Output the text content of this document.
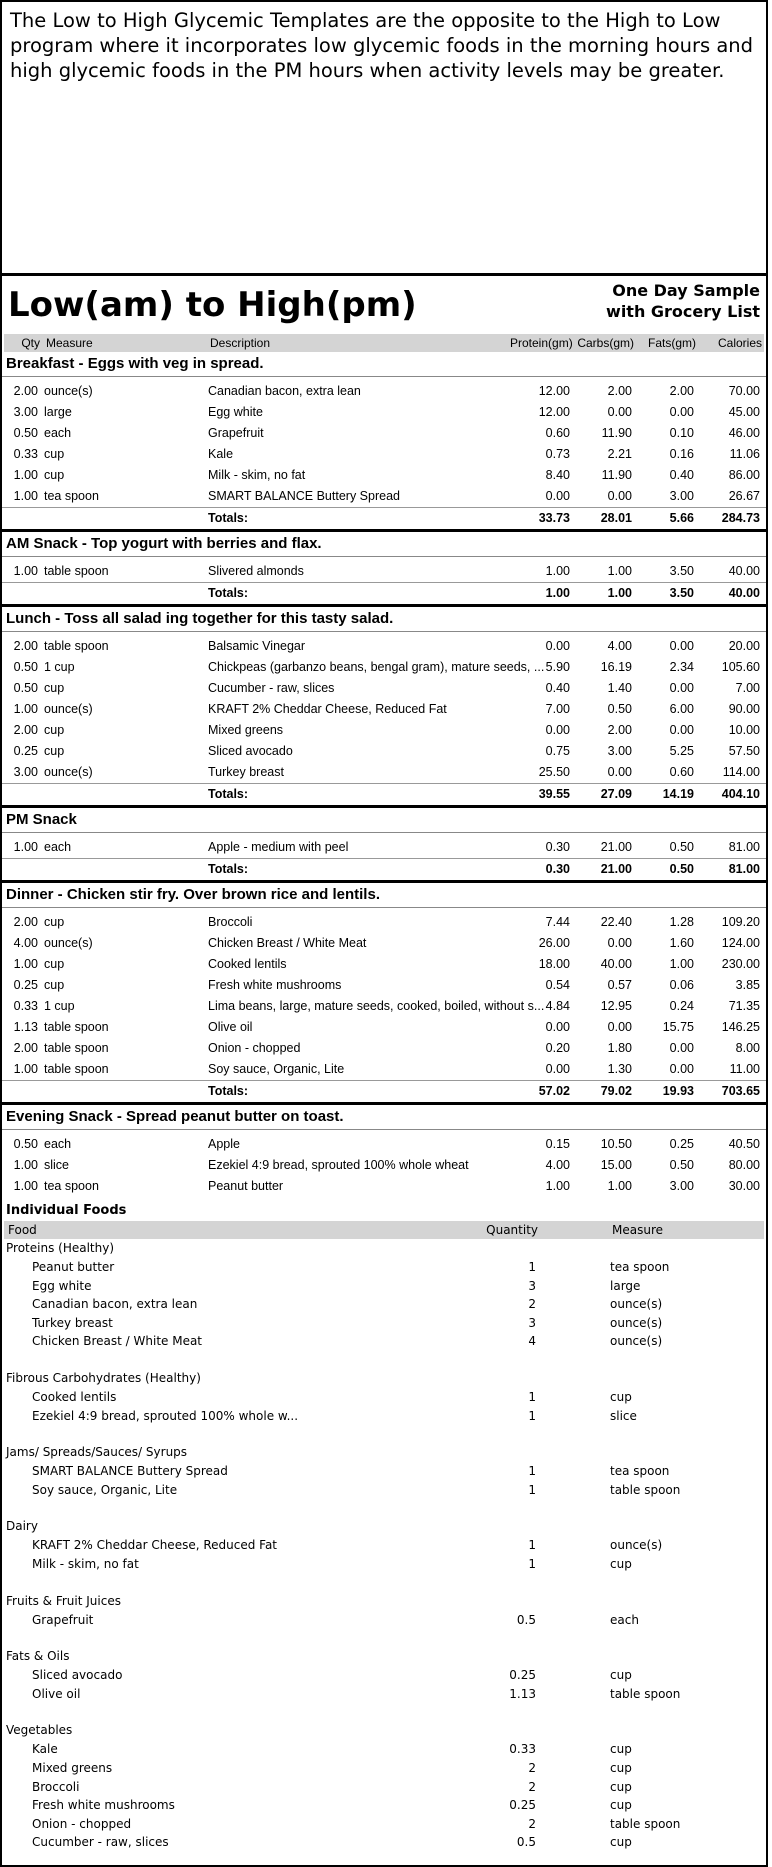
The Low to High Glycemic Templates are the opposite to the High to Low program where it incorporates low glycemic foods in the morning hours and high glycemic foods in the PM hours when activity levels may be greater.
Low(am) to High(pm)	One Day Sample
with Grocery List
Qty Measure	Description	Protein(gm) Carbs(gm)	Fats(gm)	Calories
Breakfast - Eggs with veg in spread.
2.00 ounce(s)	Canadian bacon, extra lean	12.00	2.00	2.00	70.00
3.00 large	Egg white	12.00	0.00	0.00	45.00
0.50 each	Grapefruit	0.60	11.90	0.10	46.00
0.33 cup	Kale	0.73	2.21	0.16	11.06
1.00 cup	Milk - skim, no fat	8.40	11.90	0.40	86.00
1.00 tea spoon	SMART BALANCE Buttery Spread	0.00	0.00	3.00	26.67
Totals:	33.73	28.01	5.66	284.73
AM Snack - Top yogurt with berries and flax.
1.00 table spoon	Slivered almonds	1.00	1.00	3.50	40.00
Totals:	1.00	1.00	3.50	40.00
Lunch - Toss all salad ing together for this tasty salad.
2.00 table spoon	Balsamic Vinegar	0.00	4.00	0.00	20.00
0.50 1 cup	Chickpeas (garbanzo beans, bengal gram), mature seeds, ... 5.90	16.19	2.34	105.60
0.50 cup	Cucumber - raw, slices	0.40	1.40	0.00	7.00
1.00 ounce(s)	KRAFT 2% Cheddar Cheese, Reduced Fat	7.00	0.50	6.00	90.00
2.00 cup	Mixed greens	0.00	2.00	0.00	10.00
0.25 cup	Sliced avocado	0.75	3.00	5.25	57.50
3.00 ounce(s)	Turkey breast	25.50	0.00	0.60	114.00
Totals:	39.55	27.09	14.19	404.10
PM Snack
1.00 each	Apple - medium with peel	0.30	21.00	0.50	81.00
Totals:	0.30	21.00	0.50	81.00
Dinner - Chicken stir fry. Over brown rice and lentils.
2.00 cup	Broccoli	7.44	22.40	1.28	109.20
4.00 ounce(s)	Chicken Breast / White Meat	26.00	0.00	1.60	124.00
1.00 cup	Cooked lentils	18.00	40.00	1.00	230.00
0.25 cup	Fresh white mushrooms	0.54	0.57	0.06	3.85
0.33 1 cup	Lima beans, large, mature seeds, cooked, boiled, without s... 4.84	12.95	0.24	71.35
1.13 table spoon	Olive oil	0.00	0.00	15.75	146.25
2.00 table spoon	Onion - chopped	0.20	1.80	0.00	8.00
1.00 table spoon	Soy sauce, Organic, Lite	0.00	1.30	0.00	11.00
Totals:	57.02	79.02	19.93	703.65
Evening Snack - Spread peanut butter on toast.
0.50 each	Apple	0.15	10.50	0.25	40.50
1.00 slice	Ezekiel 4:9 bread, sprouted 100% whole wheat	4.00	15.00	0.50	80.00
1.00 tea spoon	Peanut butter	1.00	1.00	3.00	30.00
Individual Foods
Food	Quantity	Measure
Proteins (Healthy)
Peanut butter	1	tea spoon
Egg white	3	large
Canadian bacon, extra lean	2	ounce(s)
Turkey breast	3	ounce(s)
Chicken Breast / White Meat	4	ounce(s)
Fibrous Carbohydrates (Healthy)
Cooked lentils	1	cup
Ezekiel 4:9 bread, sprouted 100% whole w...	1	slice
Jams/ Spreads/Sauces/ Syrups
SMART BALANCE Buttery Spread	1	tea spoon
Soy sauce, Organic, Lite	1	table spoon
Dairy
KRAFT 2% Cheddar Cheese, Reduced Fat	1	ounce(s)
Milk - skim, no fat	1	cup
Fruits & Fruit Juices
Grapefruit	0.5	each
Fats & Oils
Sliced avocado	0.25	cup
Olive oil	1.13	table spoon
Vegetables
Kale	0.33	cup
Mixed greens	2	cup
Broccoli	2	cup
Fresh white mushrooms	0.25	cup
Onion - chopped	2	table spoon
Cucumber - raw, slices	0.5	cup
